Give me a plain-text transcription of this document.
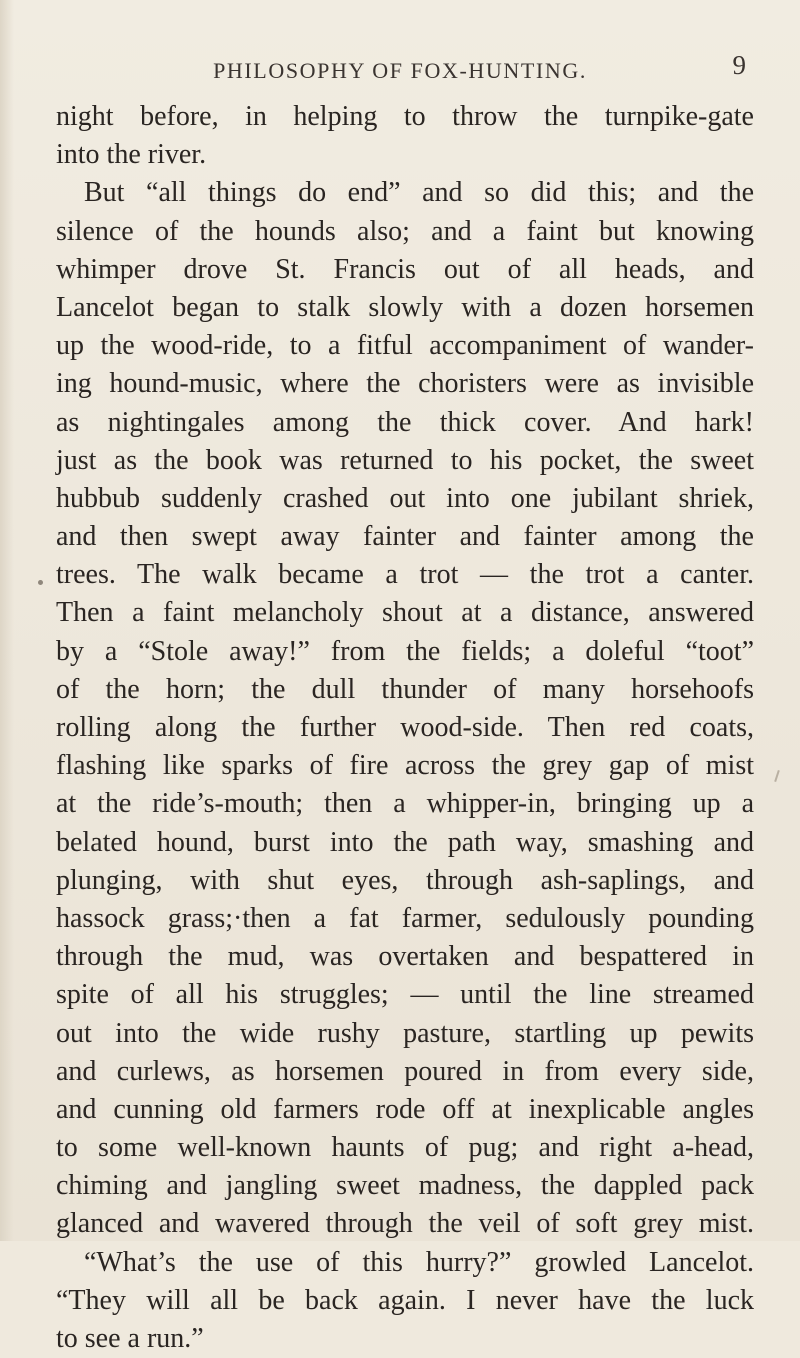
PHILOSOPHY OF FOX-HUNTING.	9
night before, in helping to throw the turnpike-gate
into the river.
But “all things do end” and so did this; and the
silence of the hounds also; and a faint but knowing
whimper drove St. Francis out of all heads, and
Lancelot began to stalk slowly with a dozen horsemen
up the wood-ride, to a fitful accompaniment of wander-
ing hound-music, where the choristers were as invisible
as nightingales among the thick cover. And hark!
just as the book was returned to his pocket, the sweet
hubbub suddenly crashed out into one jubilant shriek,
and then swept away fainter and fainter among the
trees. The walk became a trot — the trot a canter.
Then a faint melancholy shout at a distance, answered
by a “Stole away!” from the fields; a doleful “toot”
of the horn; the dull thunder of many horsehoofs
rolling along the further wood-side. Then red coats,
flashing like sparks of fire across the grey gap of mist
at the ride’s-mouth; then a whipper-in, bringing up a
belated hound, burst into the path way, smashing and
plunging, with shut eyes, through ash-saplings, and
hassock grass;·then a fat farmer, sedulously pounding
through the mud, was overtaken and bespattered in
spite of all his struggles; — until the line streamed
out into the wide rushy pasture, startling up pewits
and curlews, as horsemen poured in from every side,
and cunning old farmers rode off at inexplicable angles
to some well-known haunts of pug; and right a-head,
chiming and jangling sweet madness, the dappled pack
glanced and wavered through the veil of soft grey mist.
“What’s the use of this hurry?” growled Lancelot.
“They will all be back again. I never have the luck
to see a run.”
